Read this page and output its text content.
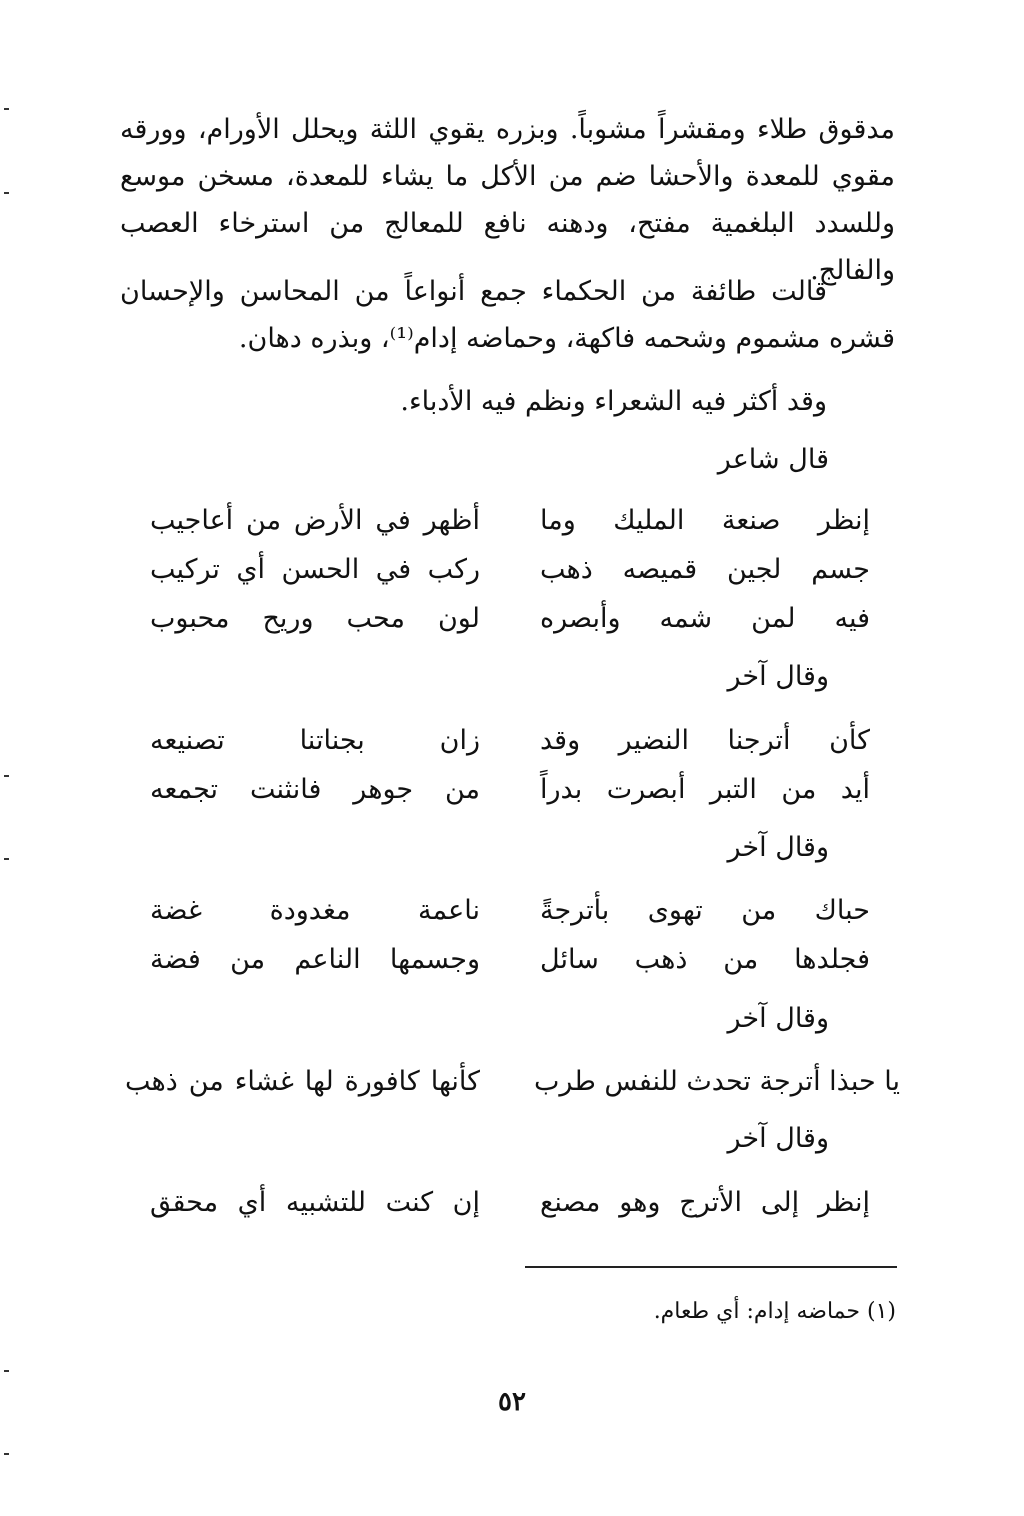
مدقوق طلاء ومقشراً مشوباً. وبزره يقوي اللثة ويحلل الأورام، وورقه مقوي للمعدة والأحشا ضم من الأكل ما يشاء للمعدة، مسخن موسع وللسدد البلغمية مفتح، ودهنه نافع للمعالج من استرخاء العصب والفالج.

قالت طائفة من الحكماء جمع أنواعاً من المحاسن والإحسان قشره مشموم وشحمه فاكهة، وحماضه إدام⁽¹⁾، وبذره دهان.

وقد أكثر فيه الشعراء ونظم فيه الأدباء.

قال شاعر

إنظر صنعة المليك وما
أظهر في الأرض من أعاجيب
جسم لجين قميصه ذهب
ركب في الحسن أي تركيب
فيه لمن شمه وأبصره
لون محب وريح محبوب

وقال آخر

كأن أترجنا النضير وقد
زان بجناتنا تصنيعه
أيد من التبر أبصرت بدراً
من جوهر فانثنت تجمعه

وقال آخر

حباك من تهوى بأترجةً
ناعمة مغدودة غضة
فجلدها من ذهب سائل
وجسمها الناعم من فضة

وقال آخر

يا حبذا أترجة تحدث للنفس طرب
كأنها كافورة لها غشاء من ذهب

وقال آخر

إنظر إلى الأترج وهو مصنع
إن كنت للتشبيه أي محقق

(١) حماضه إدام: أي طعام.

٥٢
